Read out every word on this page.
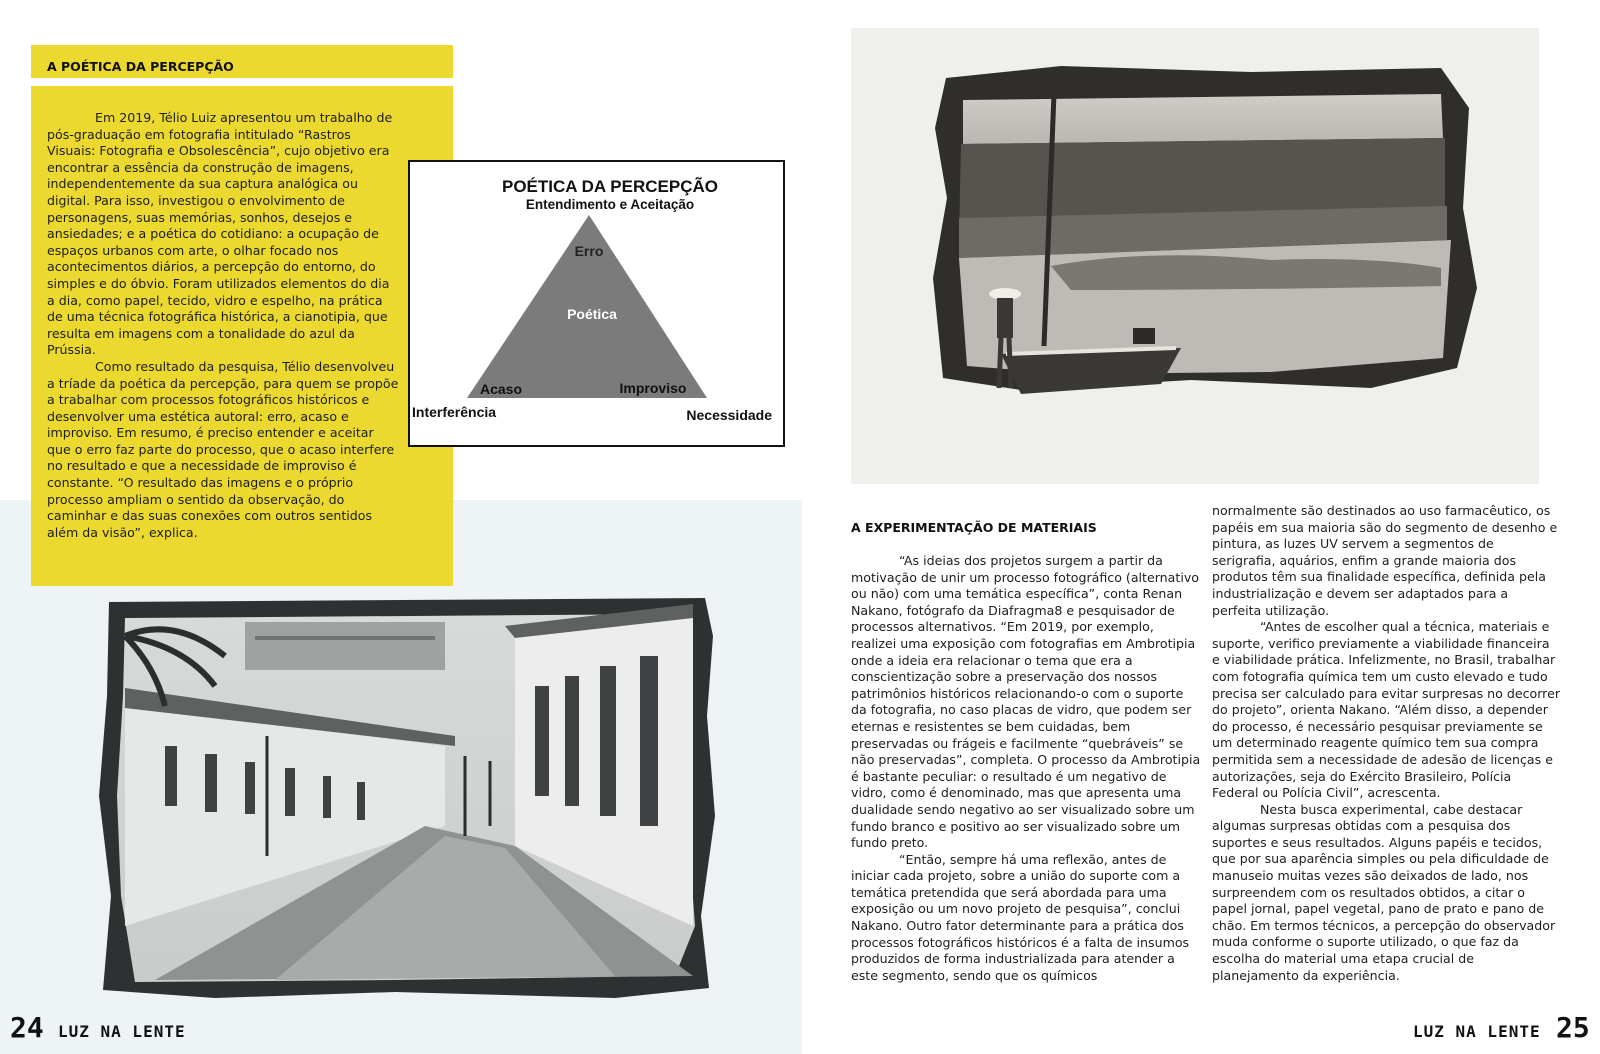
A POÉTICA DA PERCEPÇÃO

Em 2019, Télio Luiz apresentou um trabalho de pós-graduação em fotografia intitulado “Rastros Visuais: Fotografia e Obsolescência”, cujo objetivo era encontrar a essência da construção de imagens, independentemente da sua captura analógica ou digital. Para isso, investigou o envolvimento de personagens, suas memórias, sonhos, desejos e ansiedades; e a poética do cotidiano: a ocupação de espaços urbanos com arte, o olhar focado nos acontecimentos diários, a percepção do entorno, do simples e do óbvio. Foram utilizados elementos do dia a dia, como papel, tecido, vidro e espelho, na prática de uma técnica fotográfica histórica, a cianotipia, que resulta em imagens com a tonalidade do azul da Prússia.

Como resultado da pesquisa, Télio desenvolveu a tríade da poética da percepção, para quem se propõe a trabalhar com processos fotográficos históricos e desenvolver uma estética autoral: erro, acaso e improviso. Em resumo, é preciso entender e aceitar que o erro faz parte do processo, que o acaso interfere no resultado e que a necessidade de improviso é constante. “O resultado das imagens e o próprio processo ampliam o sentido da observação, do caminhar e das suas conexões com outros sentidos além da visão”, explica.

POÉTICA DA PERCEPÇÃO
Entendimento e Aceitação
Erro
Poética
Acaso	Improviso
Interferência	Necessidade
A EXPERIMENTAÇÃO DE MATERIAIS

“As ideias dos projetos surgem a partir da motivação de unir um processo fotográfico (alternativo ou não) com uma temática específica”, conta Renan Nakano, fotógrafo da Diafragma8 e pesquisador de processos alternativos. “Em 2019, por exemplo, realizei uma exposição com fotografias em Ambrotipia onde a ideia era relacionar o tema que era a conscientização sobre a preservação dos nossos patrimônios históricos relacionando-o com o suporte da fotografia, no caso placas de vidro, que podem ser eternas e resistentes se bem cuidadas, bem preservadas ou frágeis e facilmente “quebráveis” se não preservadas”, completa. O processo da Ambrotipia é bastante peculiar: o resultado é um negativo de vidro, como é denominado, mas que apresenta uma dualidade sendo negativo ao ser visualizado sobre um fundo branco e positivo ao ser visualizado sobre um fundo preto.

“Então, sempre há uma reflexão, antes de iniciar cada projeto, sobre a união do suporte com a temática pretendida que será abordada para uma exposição ou um novo projeto de pesquisa”, conclui Nakano. Outro fator determinante para a prática dos processos fotográficos históricos é a falta de insumos produzidos de forma industrializada para atender a este segmento, sendo que os químicos

normalmente são destinados ao uso farmacêutico, os papéis em sua maioria são do segmento de desenho e pintura, as luzes UV servem a segmentos de serigrafia, aquários, enfim a grande maioria dos produtos têm sua finalidade específica, definida pela industrialização e devem ser adaptados para a perfeita utilização.

“Antes de escolher qual a técnica, materiais e suporte, verifico previamente a viabilidade financeira e viabilidade prática. Infelizmente, no Brasil, trabalhar com fotografia química tem um custo elevado e tudo precisa ser calculado para evitar surpresas no decorrer do projeto”, orienta Nakano. “Além disso, a depender do processo, é necessário pesquisar previamente se um determinado reagente químico tem sua compra permitida sem a necessidade de adesão de licenças e autorizações, seja do Exército Brasileiro, Polícia Federal ou Polícia Civil”, acrescenta.

Nesta busca experimental, cabe destacar algumas surpresas obtidas com a pesquisa dos suportes e seus resultados. Alguns papéis e tecidos, que por sua aparência simples ou pela dificuldade de manuseio muitas vezes são deixados de lado, nos surpreendem com os resultados obtidos, a citar o papel jornal, papel vegetal, pano de prato e pano de chão. Em termos técnicos, a percepção do observador muda conforme o suporte utilizado, o que faz da escolha do material uma etapa crucial de planejamento da experiência.

24 LUZ NA LENTE	LUZ NA LENTE 25
